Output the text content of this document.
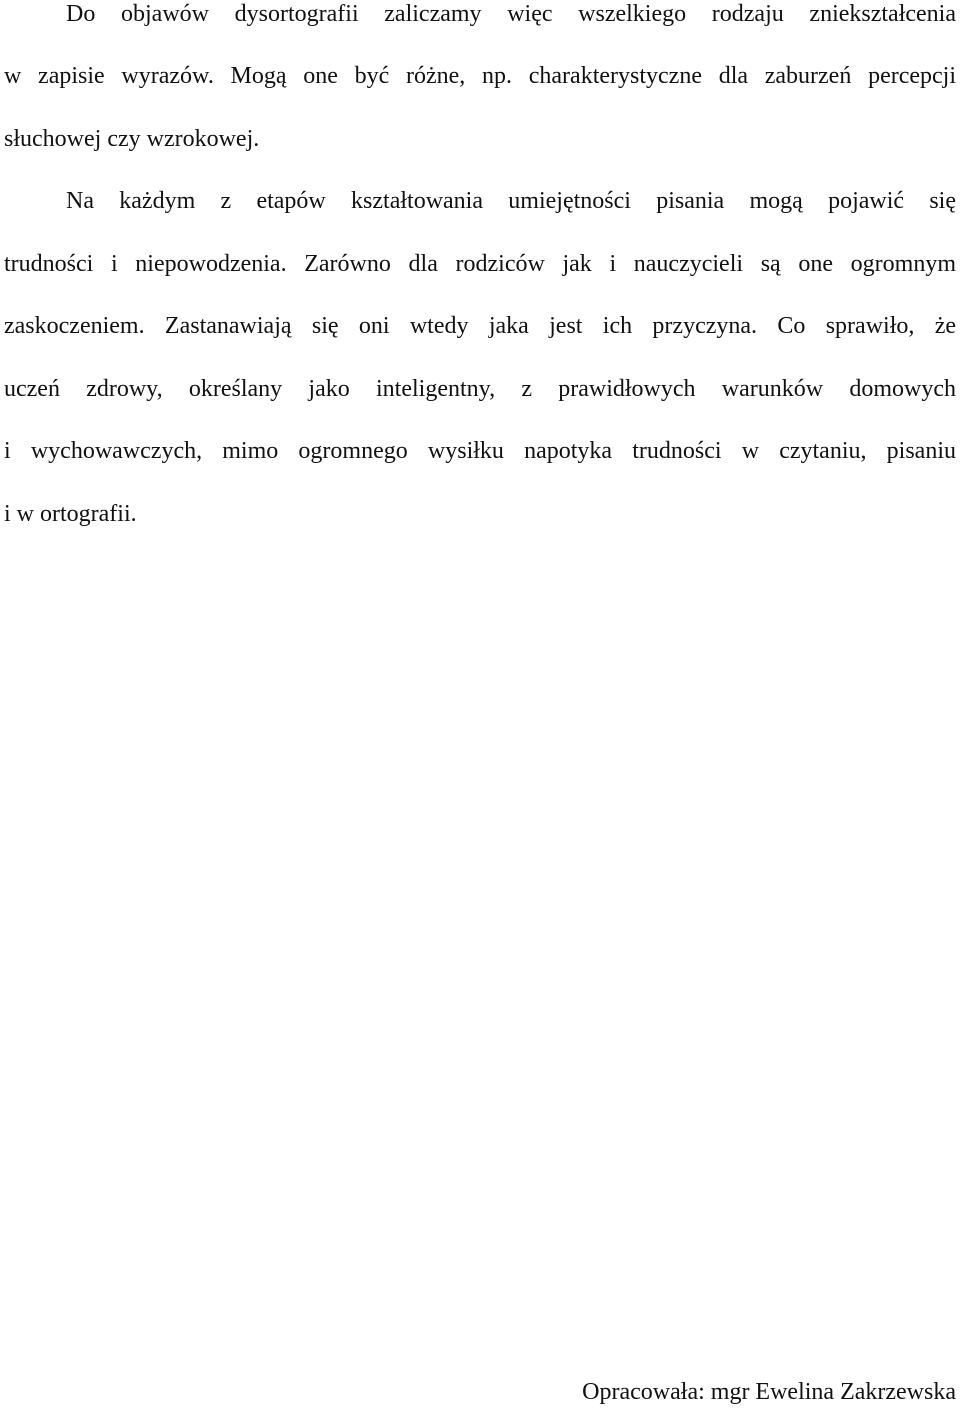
Do objawów dysortografii zaliczamy więc wszelkiego rodzaju zniekształcenia
w zapisie wyrazów. Mogą one być różne, np. charakterystyczne dla zaburzeń percepcji
słuchowej czy wzrokowej.
Na każdym z etapów kształtowania umiejętności pisania mogą pojawić się
trudności i niepowodzenia. Zarówno dla rodziców jak i nauczycieli są one ogromnym
zaskoczeniem. Zastanawiają się oni wtedy jaka jest ich przyczyna. Co sprawiło, że
uczeń zdrowy, określany jako inteligentny, z prawidłowych warunków domowych
i wychowawczych, mimo ogromnego wysiłku napotyka trudności w czytaniu, pisaniu
i w ortografii.
Opracowała: mgr Ewelina Zakrzewska
